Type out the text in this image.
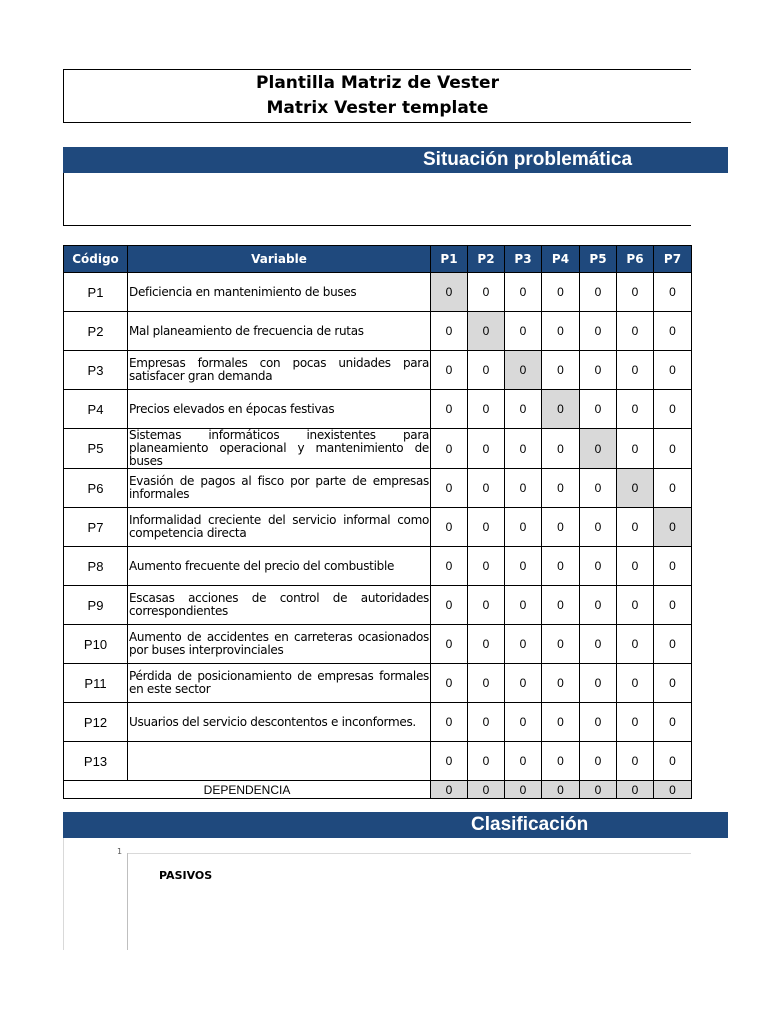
Plantilla Matriz de Vester
Matrix Vester template
Situación problemática
Código	Variable	P1	P2	P3	P4	P5	P6	P7
P1	Deficiencia en mantenimiento de buses	0	0	0	0	0	0	0
P2	Mal planeamiento de frecuencia de rutas	0	0	0	0	0	0	0
P3	Empresas formales con pocas unidades para satisfacer gran demanda	0	0	0	0	0	0	0
P4	Precios elevados en épocas festivas	0	0	0	0	0	0	0
P5	Sistemas informáticos inexistentes para planeamiento operacional y mantenimiento de buses	0	0	0	0	0	0	0
P6	Evasión de pagos al fisco por parte de empresas informales	0	0	0	0	0	0	0
P7	Informalidad creciente del servicio informal como competencia directa	0	0	0	0	0	0	0
P8	Aumento frecuente del precio del combustible	0	0	0	0	0	0	0
P9	Escasas acciones de control de autoridades correspondientes	0	0	0	0	0	0	0
P10	Aumento de accidentes en carreteras ocasionados por buses interprovinciales	0	0	0	0	0	0	0
P11	Pérdida de posicionamiento de empresas formales en este sector	0	0	0	0	0	0	0
P12	Usuarios del servicio descontentos e inconformes.	0	0	0	0	0	0	0
P13		0	0	0	0	0	0	0
DEPENDENCIA		0	0	0	0	0	0	0
Clasificación
1
PASIVOS
